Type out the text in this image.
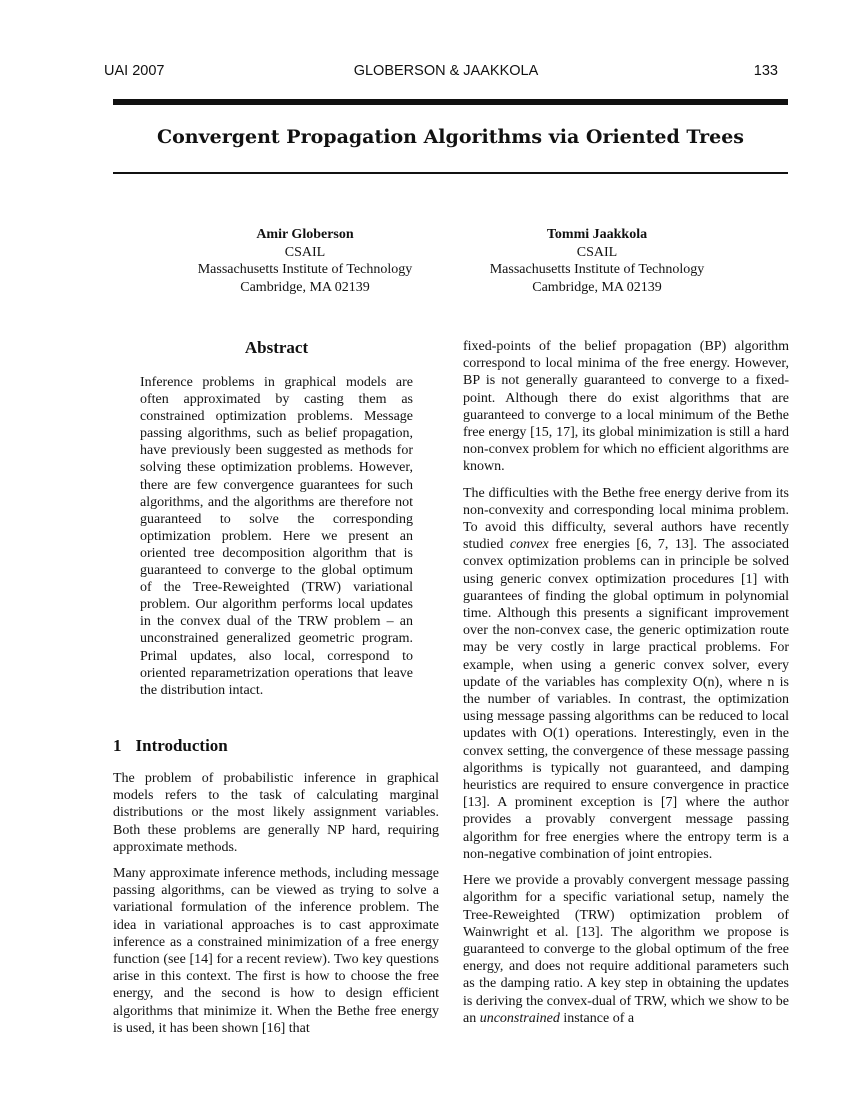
UAI 2007	GLOBERSON & JAAKKOLA	133
Convergent Propagation Algorithms via Oriented Trees
Amir Globerson
CSAIL
Massachusetts Institute of Technology
Cambridge, MA 02139
Tommi Jaakkola
CSAIL
Massachusetts Institute of Technology
Cambridge, MA 02139
Abstract
Inference problems in graphical models are often approximated by casting them as constrained optimization problems. Message passing algorithms, such as belief propagation, have previously been suggested as methods for solving these optimization problems. However, there are few convergence guarantees for such algorithms, and the algorithms are therefore not guaranteed to solve the corresponding optimization problem. Here we present an oriented tree decomposition algorithm that is guaranteed to converge to the global optimum of the Tree-Reweighted (TRW) variational problem. Our algorithm performs local updates in the convex dual of the TRW problem – an unconstrained generalized geometric program. Primal updates, also local, correspond to oriented reparametrization operations that leave the distribution intact.
1 Introduction

The problem of probabilistic inference in graphical models refers to the task of calculating marginal distributions or the most likely assignment variables. Both these problems are generally NP hard, requiring approximate methods.

Many approximate inference methods, including message passing algorithms, can be viewed as trying to solve a variational formulation of the inference problem. The idea in variational approaches is to cast approximate inference as a constrained minimization of a free energy function (see [14] for a recent review). Two key questions arise in this context. The first is how to choose the free energy, and the second is how to design efficient algorithms that minimize it. When the Bethe free energy is used, it has been shown [16] that

fixed-points of the belief propagation (BP) algorithm correspond to local minima of the free energy. However, BP is not generally guaranteed to converge to a fixed-point. Although there do exist algorithms that are guaranteed to converge to a local minimum of the Bethe free energy [15, 17], its global minimization is still a hard non-convex problem for which no efficient algorithms are known.

The difficulties with the Bethe free energy derive from its non-convexity and corresponding local minima problem. To avoid this difficulty, several authors have recently studied convex free energies [6, 7, 13]. The associated convex optimization problems can in principle be solved using generic convex optimization procedures [1] with guarantees of finding the global optimum in polynomial time. Although this presents a significant improvement over the non-convex case, the generic optimization route may be very costly in large practical problems. For example, when using a generic convex solver, every update of the variables has complexity O(n), where n is the number of variables. In contrast, the optimization using message passing algorithms can be reduced to local updates with O(1) operations. Interestingly, even in the convex setting, the convergence of these message passing algorithms is typically not guaranteed, and damping heuristics are required to ensure convergence in practice [13]. A prominent exception is [7] where the author provides a provably convergent message passing algorithm for free energies where the entropy term is a non-negative combination of joint entropies.

Here we provide a provably convergent message passing algorithm for a specific variational setup, namely the Tree-Reweighted (TRW) optimization problem of Wainwright et al. [13]. The algorithm we propose is guaranteed to converge to the global optimum of the free energy, and does not require additional parameters such as the damping ratio. A key step in obtaining the updates is deriving the convex-dual of TRW, which we show to be an unconstrained instance of a
